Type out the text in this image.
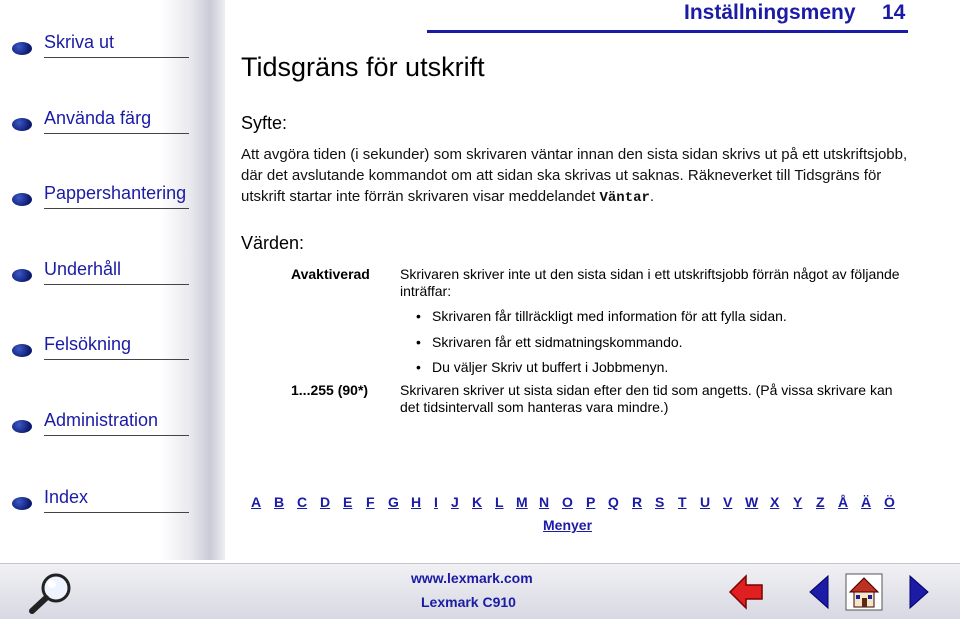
Skriva ut
Använda färg
Pappershantering
Underhåll
Felsökning
Administration
Index
Inställningsmeny 14
Tidsgräns för utskrift
Syfte:
Att avgöra tiden (i sekunder) som skrivaren väntar innan den sista sidan skrivs ut på ett utskriftsjobb, där det avslutande kommandot om att sidan ska skrivas ut saknas. Räkneverket till Tidsgräns för utskrift startar inte förrän skrivaren visar meddelandet Väntar.
Värden:
Avaktiverad Skrivaren skriver inte ut den sista sidan i ett utskriftsjobb förrän något av följande inträffar:
• Skrivaren får tillräckligt med information för att fylla sidan.
• Skrivaren får ett sidmatningskommando.
• Du väljer Skriv ut buffert i Jobbmenyn.
1...255 (90*) Skrivaren skriver ut sista sidan efter den tid som angetts. (På vissa skrivare kan det tidsintervall som hanteras vara mindre.)
A B C D E F G H I J K L M N O P Q R S T U V W X Y Z Å Ä Ö
Menyer
www.lexmark.com
Lexmark C910
